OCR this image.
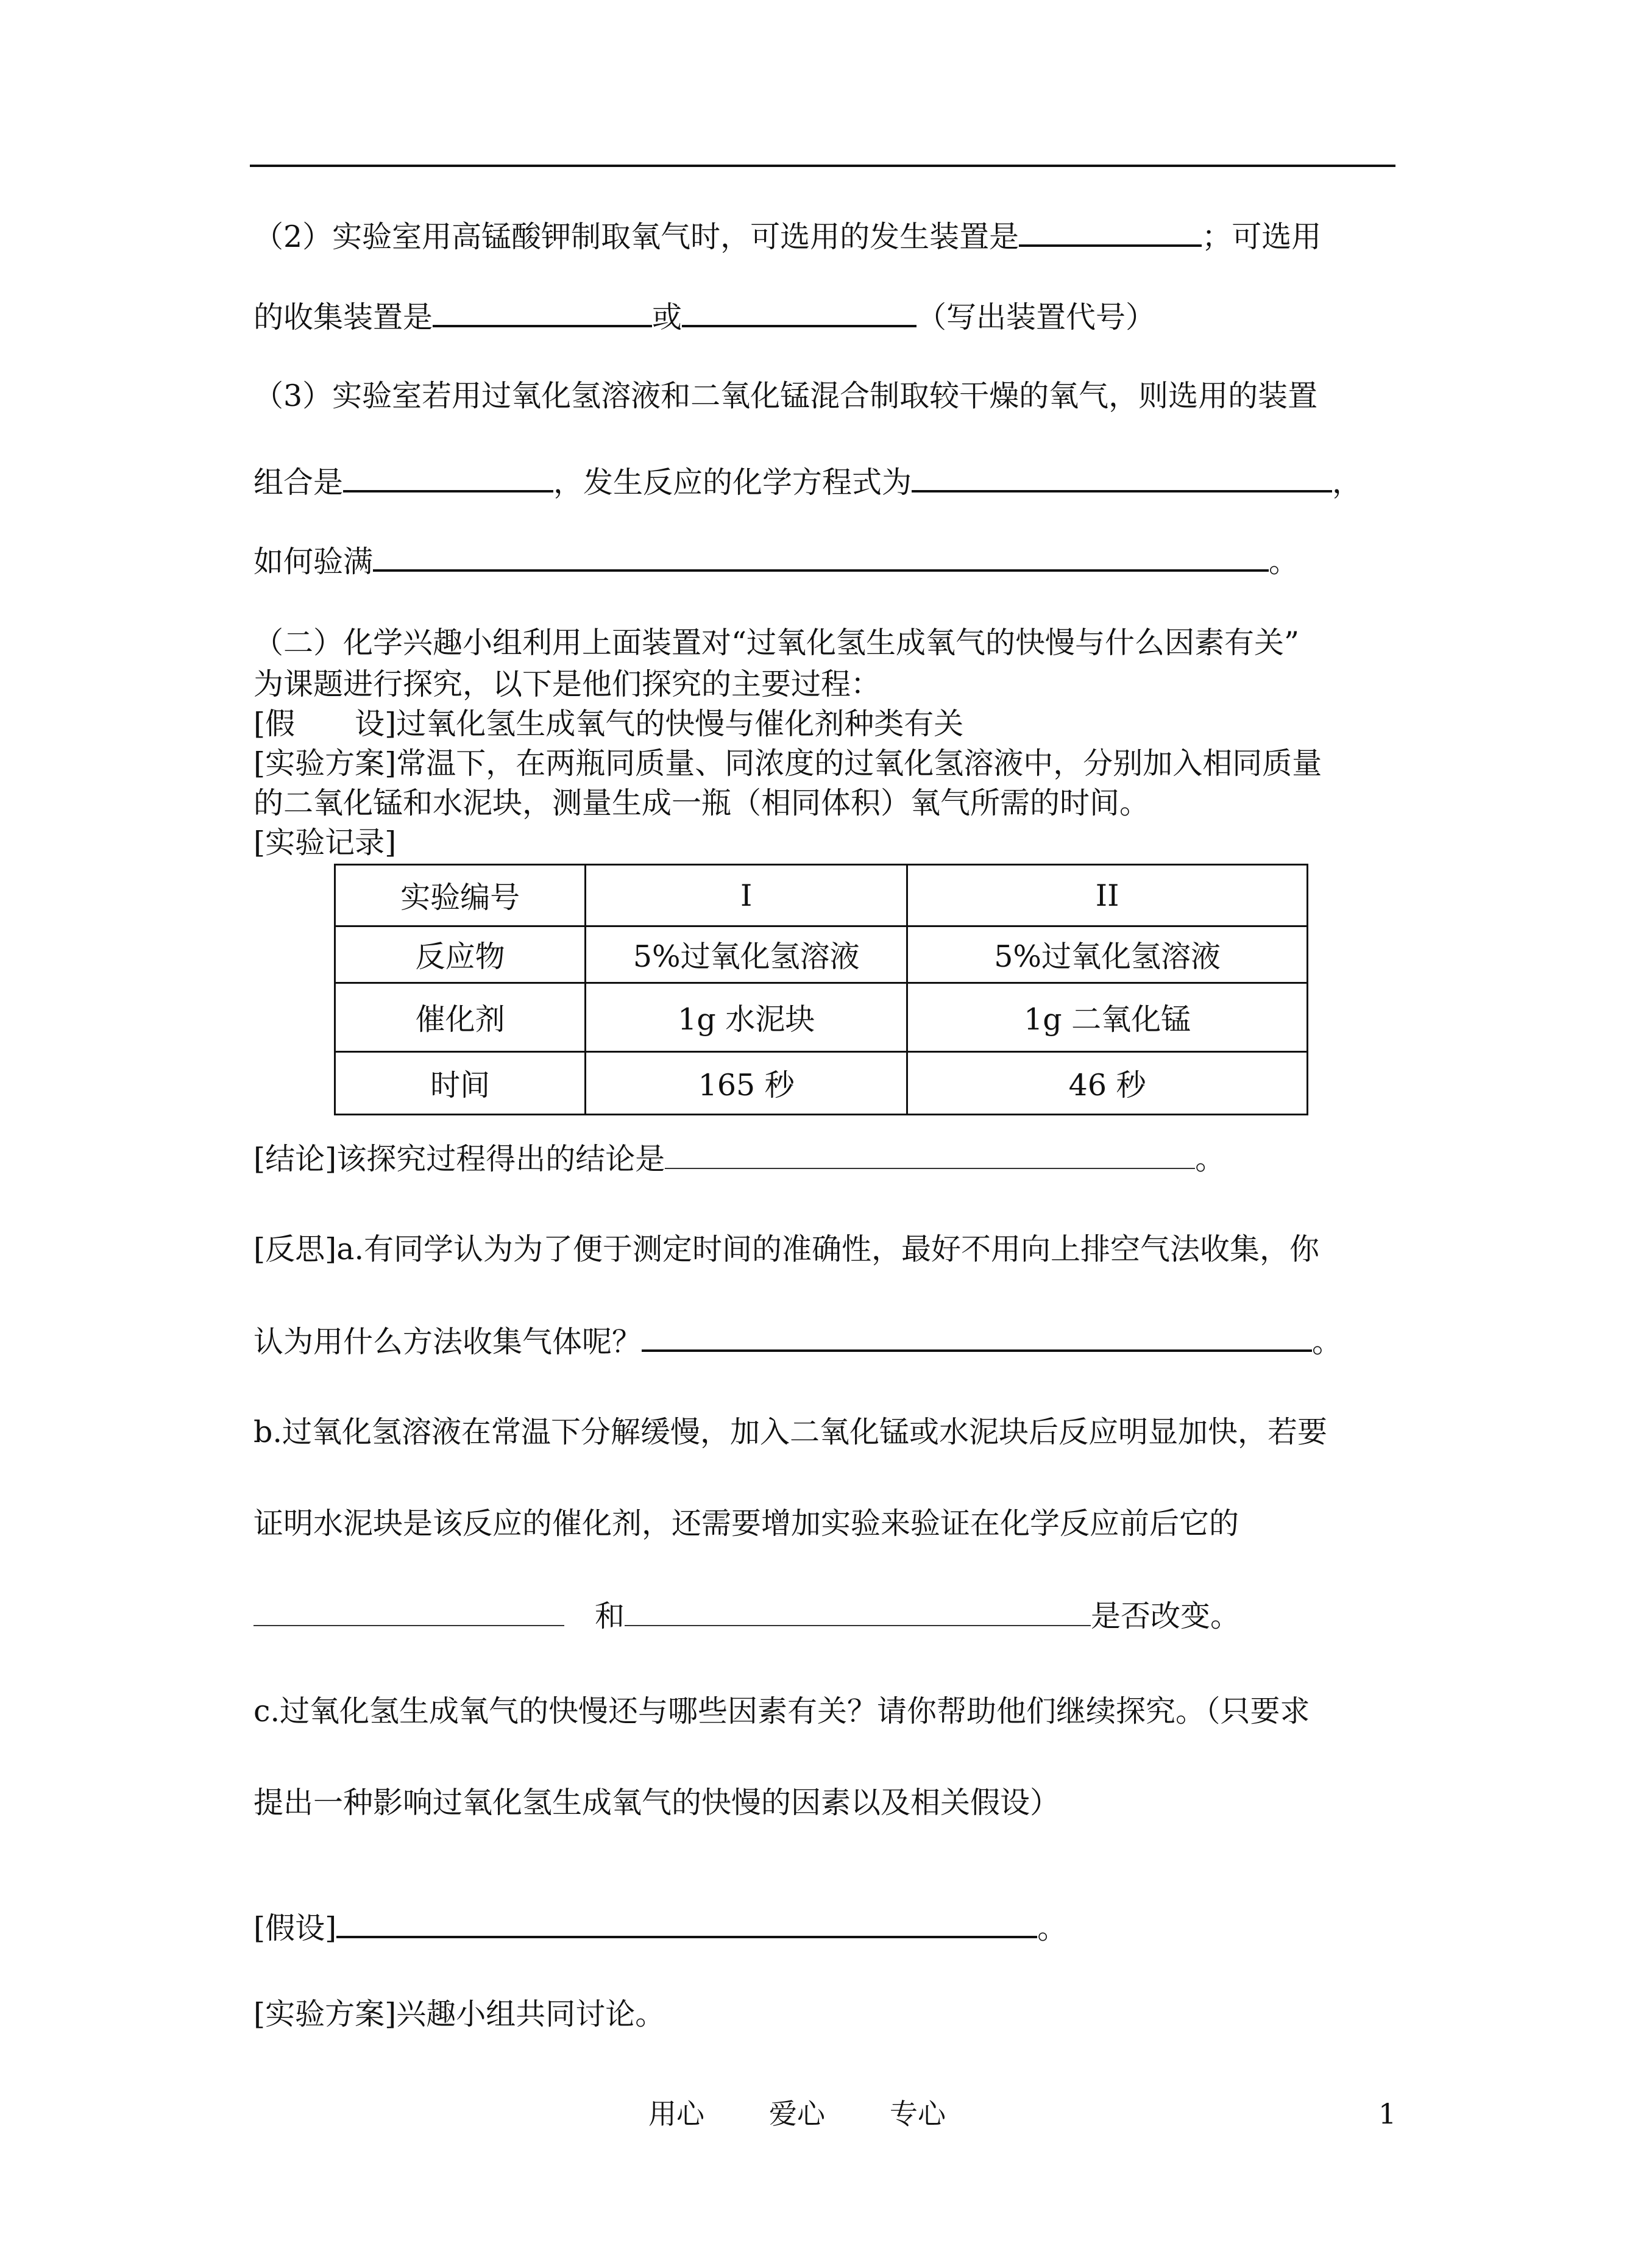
（2）实验室用高锰酸钾制取氧气时，可选用的发生装置是	；可选用
的收集装置是	或	（写出装置代号）
（3）实验室若用过氧化氢溶液和二氧化锰混合制取较干燥的氧气，则选用的装置
组合是	，发生反应的化学方程式为	，
如何验满	。
（二）化学兴趣小组利用上面装置对“过氧化氢生成氧气的快慢与什么因素有关”
为课题进行探究，以下是他们探究的主要过程：
[假　　设]过氧化氢生成氧气的快慢与催化剂种类有关
[实验方案]常温下，在两瓶同质量、同浓度的过氧化氢溶液中，分别加入相同质量
的二氧化锰和水泥块，测量生成一瓶（相同体积）氧气所需的时间。
[实验记录]
实验编号	I	II
反应物	5%过氧化氢溶液	5%过氧化氢溶液
催化剂	1g 水泥块	1g 二氧化锰
时间	165 秒	46 秒
[结论]该探究过程得出的结论是	。
[反思]a.有同学认为为了便于测定时间的准确性，最好不用向上排空气法收集，你
认为用什么方法收集气体呢？	。
b.过氧化氢溶液在常温下分解缓慢，加入二氧化锰或水泥块后反应明显加快，若要
证明水泥块是该反应的催化剂，还需要增加实验来验证在化学反应前后它的
和	是否改变。
c.过氧化氢生成氧气的快慢还与哪些因素有关？请你帮助他们继续探究。（只要求
提出一种影响过氧化氢生成氧气的快慢的因素以及相关假设）
[假设]	。
[实验方案]兴趣小组共同讨论。
用心 爱心 专心	1
